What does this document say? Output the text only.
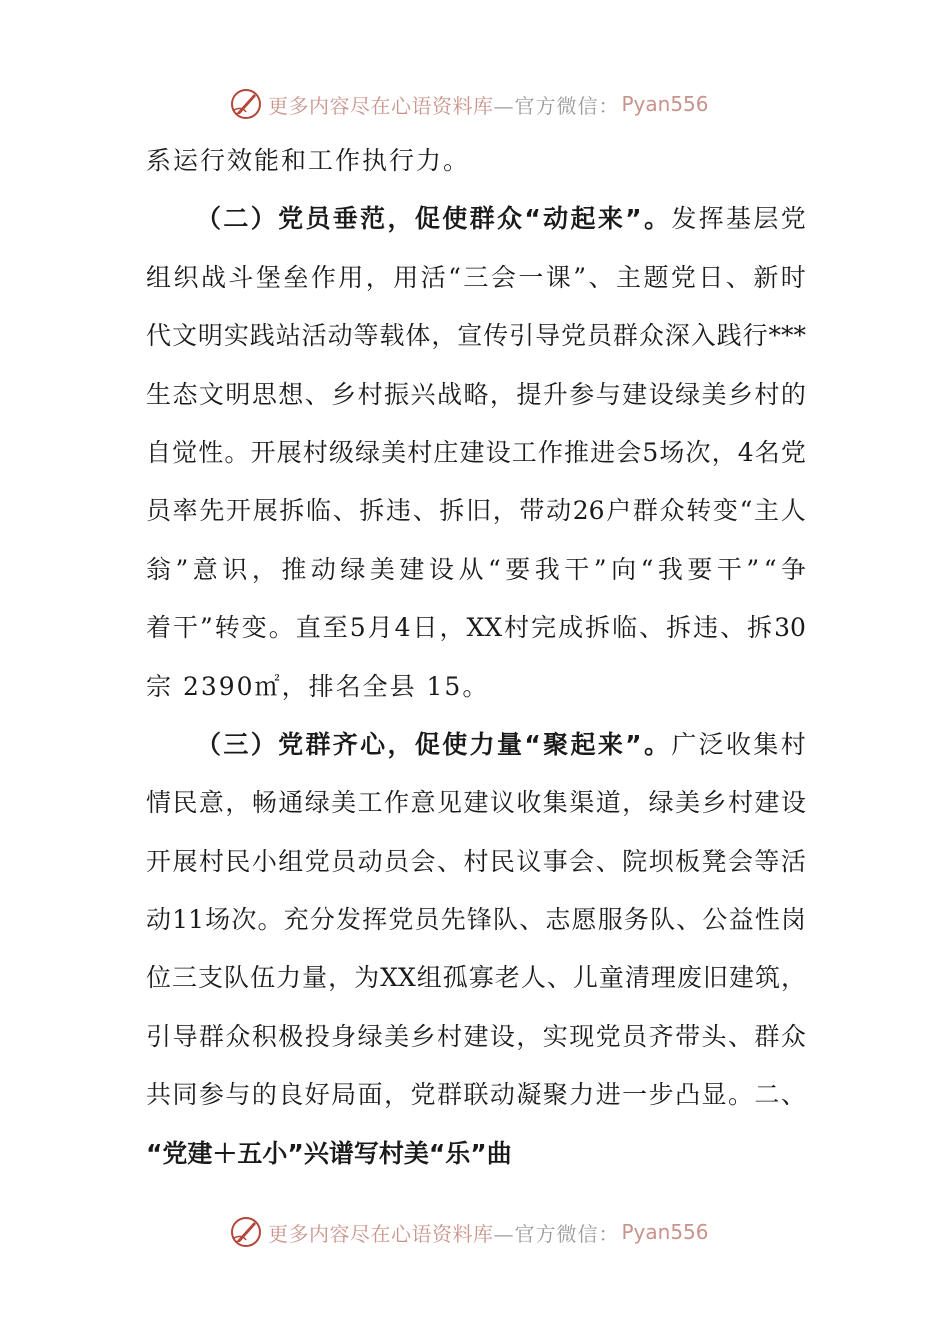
更多内容尽在心语资料库 —官方微信： Pyan556
系运行效能和工作执行力。
（ 二 ） 党 员 垂 范 ， 促 使 群 众 “ 动 起 来 ” 。 发 挥 基 层 党
组 织 战 斗 堡 垒 作 用 ， 用 活 “ 三 会 一 课 ” 、 主 题 党 日 、 新 时
代 文 明 实 践 站 活 动 等 载 体 ， 宣 传 引 导 党 员 群 众 深 入 践 行 ***
生 态 文 明 思 想 、 乡 村 振 兴 战 略 ， 提 升 参 与 建 设 绿 美 乡 村 的
自 觉 性 。 开 展 村 级 绿 美 村 庄 建 设 工 作 推 进 会 5 场 次 ， 4 名 党
员 率 先 开 展 拆 临 、 拆 违 、 拆 旧 ， 带 动 26 户 群 众 转 变 “ 主 人
翁 ” 意 识 ， 推 动 绿 美 建 设 从 “ 要 我 干 ” 向 “ 我 要 干 ” “ 争
着 干 ” 转 变 。 直 至 5 月 4 日 ， XX 村 完 成 拆 临 、 拆 违 、 拆 30
宗 2390㎡，排名全县 15。
（ 三 ） 党 群 齐 心 ， 促 使 力 量 “ 聚 起 来 ” 。 广 泛 收 集 村
情 民 意 ， 畅 通 绿 美 工 作 意 见 建 议 收 集 渠 道 ， 绿 美 乡 村 建 设
开 展 村 民 小 组 党 员 动 员 会 、 村 民 议 事 会 、 院 坝 板 凳 会 等 活
动 11 场 次 。 充 分 发 挥 党 员 先 锋 队 、 志 愿 服 务 队 、 公 益 性 岗
位 三 支 队 伍 力 量 ， 为 XX 组 孤 寡 老 人 、 儿 童 清 理 废 旧 建 筑 ，
引 导 群 众 积 极 投 身 绿 美 乡 村 建 设 ， 实 现 党 员 齐 带 头 、 群 众
共 同 参 与 的 良 好 局 面 ， 党 群 联 动 凝 聚 力 进 一 步 凸 显 。 二 、
“党建＋五小”兴谱写村美“乐”曲
更多内容尽在心语资料库 —官方微信： Pyan556
